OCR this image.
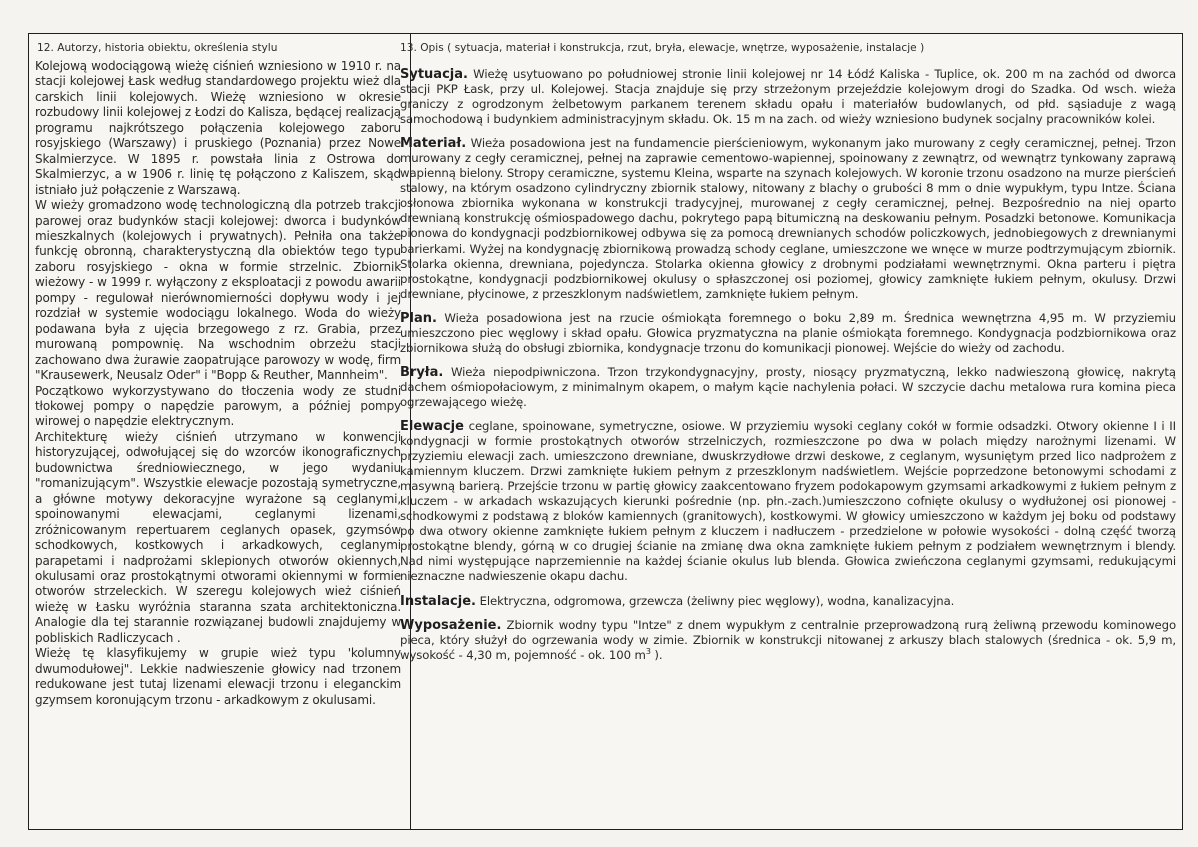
12. Autorzy, historia obiektu, określenia stylu

Kolejową wodociągową wieżę ciśnień wzniesiono w 1910 r. na stacji kolejowej Łask według standardowego projektu wież dla carskich linii kolejowych. Wieżę wzniesiono w okresie rozbudowy linii kolejowej z Łodzi do Kalisza, będącej realizacją programu najkrótszego połączenia kolejowego zaboru rosyjskiego (Warszawy) i pruskiego (Poznania) przez Nowe Skalmierzyce. W 1895 r. powstała linia z Ostrowa do Skalmierzyc, a w 1906 r. linię tę połączono z Kaliszem, skąd istniało już połączenie z Warszawą.

W wieży gromadzono wodę technologiczną dla potrzeb trakcji parowej oraz budynków stacji kolejowej: dworca i budynków mieszkalnych (kolejowych i prywatnych). Pełniła ona także funkcję obronną, charakterystyczną dla obiektów tego typu zaboru rosyjskiego - okna w formie strzelnic. Zbiornik wieżowy - w 1999 r. wyłączony z eksploatacji z powodu awarii pompy - regulował nierównomierności dopływu wody i jej rozdział w systemie wodociągu lokalnego. Woda do wieży podawana była z ujęcia brzegowego z rz. Grabia, przez murowaną pompownię. Na wschodnim obrzeżu stacji zachowano dwa żurawie zaopatrujące parowozy w wodę, firm "Krausewerk, Neusalz Oder" i "Bopp & Reuther, Mannheim".

Początkowo wykorzystywano do tłoczenia wody ze studni tłokowej pompy o napędzie parowym, a później pompy wirowej o napędzie elektrycznym.

Architekturę wieży ciśnień utrzymano w konwencji historyzującej, odwołującej się do wzorców ikonograficznych budownictwa średniowiecznego, w jego wydaniu "romanizującym". Wszystkie elewacje pozostają symetryczne, a główne motywy dekoracyjne wyrażone są ceglanymi, spoinowanymi elewacjami, ceglanymi lizenami, zróżnicowanym repertuarem ceglanych opasek, gzymsów schodkowych, kostkowych i arkadkowych, ceglanymi parapetami i nadprożami sklepionych otworów okiennych, okulusami oraz prostokątnymi otworami okiennymi w formie otworów strzeleckich. W szeregu kolejowych wież ciśnień wieżę w Łasku wyróżnia staranna szata architektoniczna. Analogie dla tej starannie rozwiązanej budowli znajdujemy w pobliskich Radliczycach .

Wieżę tę klasyfikujemy w grupie wież typu 'kolumny dwumodułowej". Lekkie nadwieszenie głowicy nad trzonem redukowane jest tutaj lizenami elewacji trzonu i eleganckim gzymsem koronującym trzonu - arkadkowym z okulusami.

13. Opis ( sytuacja, materiał i konstrukcja, rzut, bryła, elewacje, wnętrze, wyposażenie, instalacje )

Sytuacja. Wieżę usytuowano po południowej stronie linii kolejowej nr 14 Łódź Kaliska - Tuplice, ok. 200 m na zachód od dworca stacji PKP Łask, przy ul. Kolejowej. Stacja znajduje się przy strzeżonym przejeździe kolejowym drogi do Szadka. Od wsch. wieża graniczy z ogrodzonym żelbetowym parkanem terenem składu opału i materiałów budowlanych, od płd. sąsiaduje z wagą samochodową i budynkiem administracyjnym składu. Ok. 15 m na zach. od wieży wzniesiono budynek socjalny pracowników kolei.

Materiał. Wieża posadowiona jest na fundamencie pierścieniowym, wykonanym jako murowany z cegły ceramicznej, pełnej. Trzon murowany z cegły ceramicznej, pełnej na zaprawie cementowo-wapiennej, spoinowany z zewnątrz, od wewnątrz tynkowany zaprawą wapienną bielony. Stropy ceramiczne, systemu Kleina, wsparte na szynach kolejowych. W koronie trzonu osadzono na murze pierścień stalowy, na którym osadzono cylindryczny zbiornik stalowy, nitowany z blachy o grubości 8 mm o dnie wypukłym, typu Intze. Ściana osłonowa zbiornika wykonana w konstrukcji tradycyjnej, murowanej z cegły ceramicznej, pełnej. Bezpośrednio na niej oparto drewnianą konstrukcję ośmiospadowego dachu, pokrytego papą bitumiczną na deskowaniu pełnym. Posadzki betonowe. Komunikacja pionowa do kondygnacji podzbiornikowej odbywa się za pomocą drewnianych schodów policzkowych, jednobiegowych z drewnianymi barierkami. Wyżej na kondygnację zbiornikową prowadzą schody ceglane, umieszczone we wnęce w murze podtrzymującym zbiornik. Stolarka okienna, drewniana, pojedyncza. Stolarka okienna głowicy z drobnymi podziałami wewnętrznymi. Okna parteru i piętra prostokątne, kondygnacji podzbiornikowej okulusy o spłaszczonej osi poziomej, głowicy zamknięte łukiem pełnym, okulusy. Drzwi drewniane, płycinowe, z przeszklonym nadświetlem, zamknięte łukiem pełnym.

Plan. Wieża posadowiona jest na rzucie ośmiokąta foremnego o boku 2,89 m. Średnica wewnętrzna 4,95 m. W przyziemiu umieszczono piec węglowy i skład opału. Głowica pryzmatyczna na planie ośmiokąta foremnego. Kondygnacja podzbiornikowa oraz zbiornikowa służą do obsługi zbiornika, kondygnacje trzonu do komunikacji pionowej. Wejście do wieży od zachodu.

Bryła. Wieża niepodpiwniczona. Trzon trzykondygnacyjny, prosty, niosący pryzmatyczną, lekko nadwieszoną głowicę, nakrytą dachem ośmiopołaciowym, z minimalnym okapem, o małym kącie nachylenia połaci. W szczycie dachu metalowa rura komina pieca ogrzewającego wieżę.

Elewacje ceglane, spoinowane, symetryczne, osiowe. W przyziemiu wysoki ceglany cokół w formie odsadzki. Otwory okienne I i II kondygnacji w formie prostokątnych otworów strzelniczych, rozmieszczone po dwa w polach między narożnymi lizenami. W przyziemiu elewacji zach. umieszczono drewniane, dwuskrzydłowe drzwi deskowe, z ceglanym, wysuniętym przed lico nadprożem z kamiennym kluczem. Drzwi zamknięte łukiem pełnym z przeszklonym nadświetlem. Wejście poprzedzone betonowymi schodami z masywną barierą. Przejście trzonu w partię głowicy zaakcentowano fryzem podokapowym gzymsami arkadkowymi z łukiem pełnym z kluczem - w arkadach wskazujących kierunki pośrednie (np. płn.-zach.)umieszczono cofnięte okulusy o wydłużonej osi pionowej - schodkowymi z podstawą z bloków kamiennych (granitowych), kostkowymi. W głowicy umieszczono w każdym jej boku od podstawy po dwa otwory okienne zamknięte łukiem pełnym z kluczem i nadłuczem - przedzielone w połowie wysokości - dolną część tworzą prostokątne blendy, górną w co drugiej ścianie na zmianę dwa okna zamknięte łukiem pełnym z podziałem wewnętrznym i blendy. Nad nimi występujące naprzemiennie na każdej ścianie okulus lub blenda. Głowica zwieńczona ceglanymi gzymsami, redukującymi nieznaczne nadwieszenie okapu dachu.

Instalacje. Elektryczna, odgromowa, grzewcza (żeliwny piec węglowy), wodna, kanalizacyjna.

Wyposażenie. Zbiornik wodny typu "Intze" z dnem wypukłym z centralnie przeprowadzoną rurą żeliwną przewodu kominowego pieca, który służył do ogrzewania wody w zimie. Zbiornik w konstrukcji nitowanej z arkuszy blach stalowych (średnica - ok. 5,9 m, wysokość - 4,30 m, pojemność - ok. 100 $m^3$ ).
